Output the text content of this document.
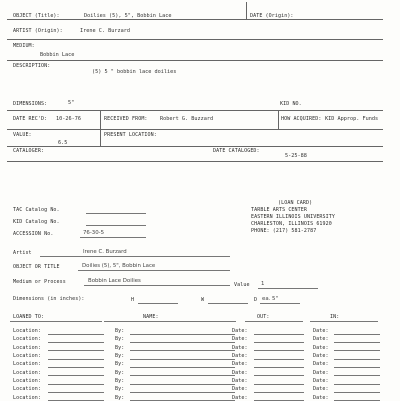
OBJECT (Title):	Doilies (5), 5", Bobbin Lace	DATE (Origin):
ARTIST (Origin):	Irene C. Burzard
MEDIUM:
Bobbin Lace
DESCRIPTION:
(5) 5 " bobbin lace doilies
DIMENSIONS:	5"	KID NO.
DATE REC'D: 10-26-76	RECEIVED FROM: Robert G. Buzzard	HOW ACQUIRED: KID Approp. Funds
VALUE:
6.5
PRESENT LOCATION:
CATALOGER:	DATE CATALOGED:
5-25-88
TAC Catalog No.
KID Catalog No.
ACCESSION No.	76-30-5
(LOAN CARD)
TARBLE ARTS CENTER
EASTERN ILLINOIS UNIVERSITY
CHARLESTON, ILLINOIS 61920
PHONE: (217) 581-2787
Artist	Irene C. Burzard
OBJECT OR TITLE	Doilies (5), 5", Bobbin Lace
Medium or Process	Bobbin Lace Doilies
Value 1
Dimensions (in inches):	H	W	D ea. 5"
LOANED TO:	NAME:	OUT:	IN:
Location:	By:	Date:	Date:
Location:	By:	Date:	Date:
Location:	By:	Date:	Date:
Location:	By:	Date:	Date:
Location:	By:	Date:	Date:
Location:	By:	Date:	Date:
Location:	By:	Date:	Date:
Location:	By:	Date:	Date:
Location:	By:	Date:	Date:
